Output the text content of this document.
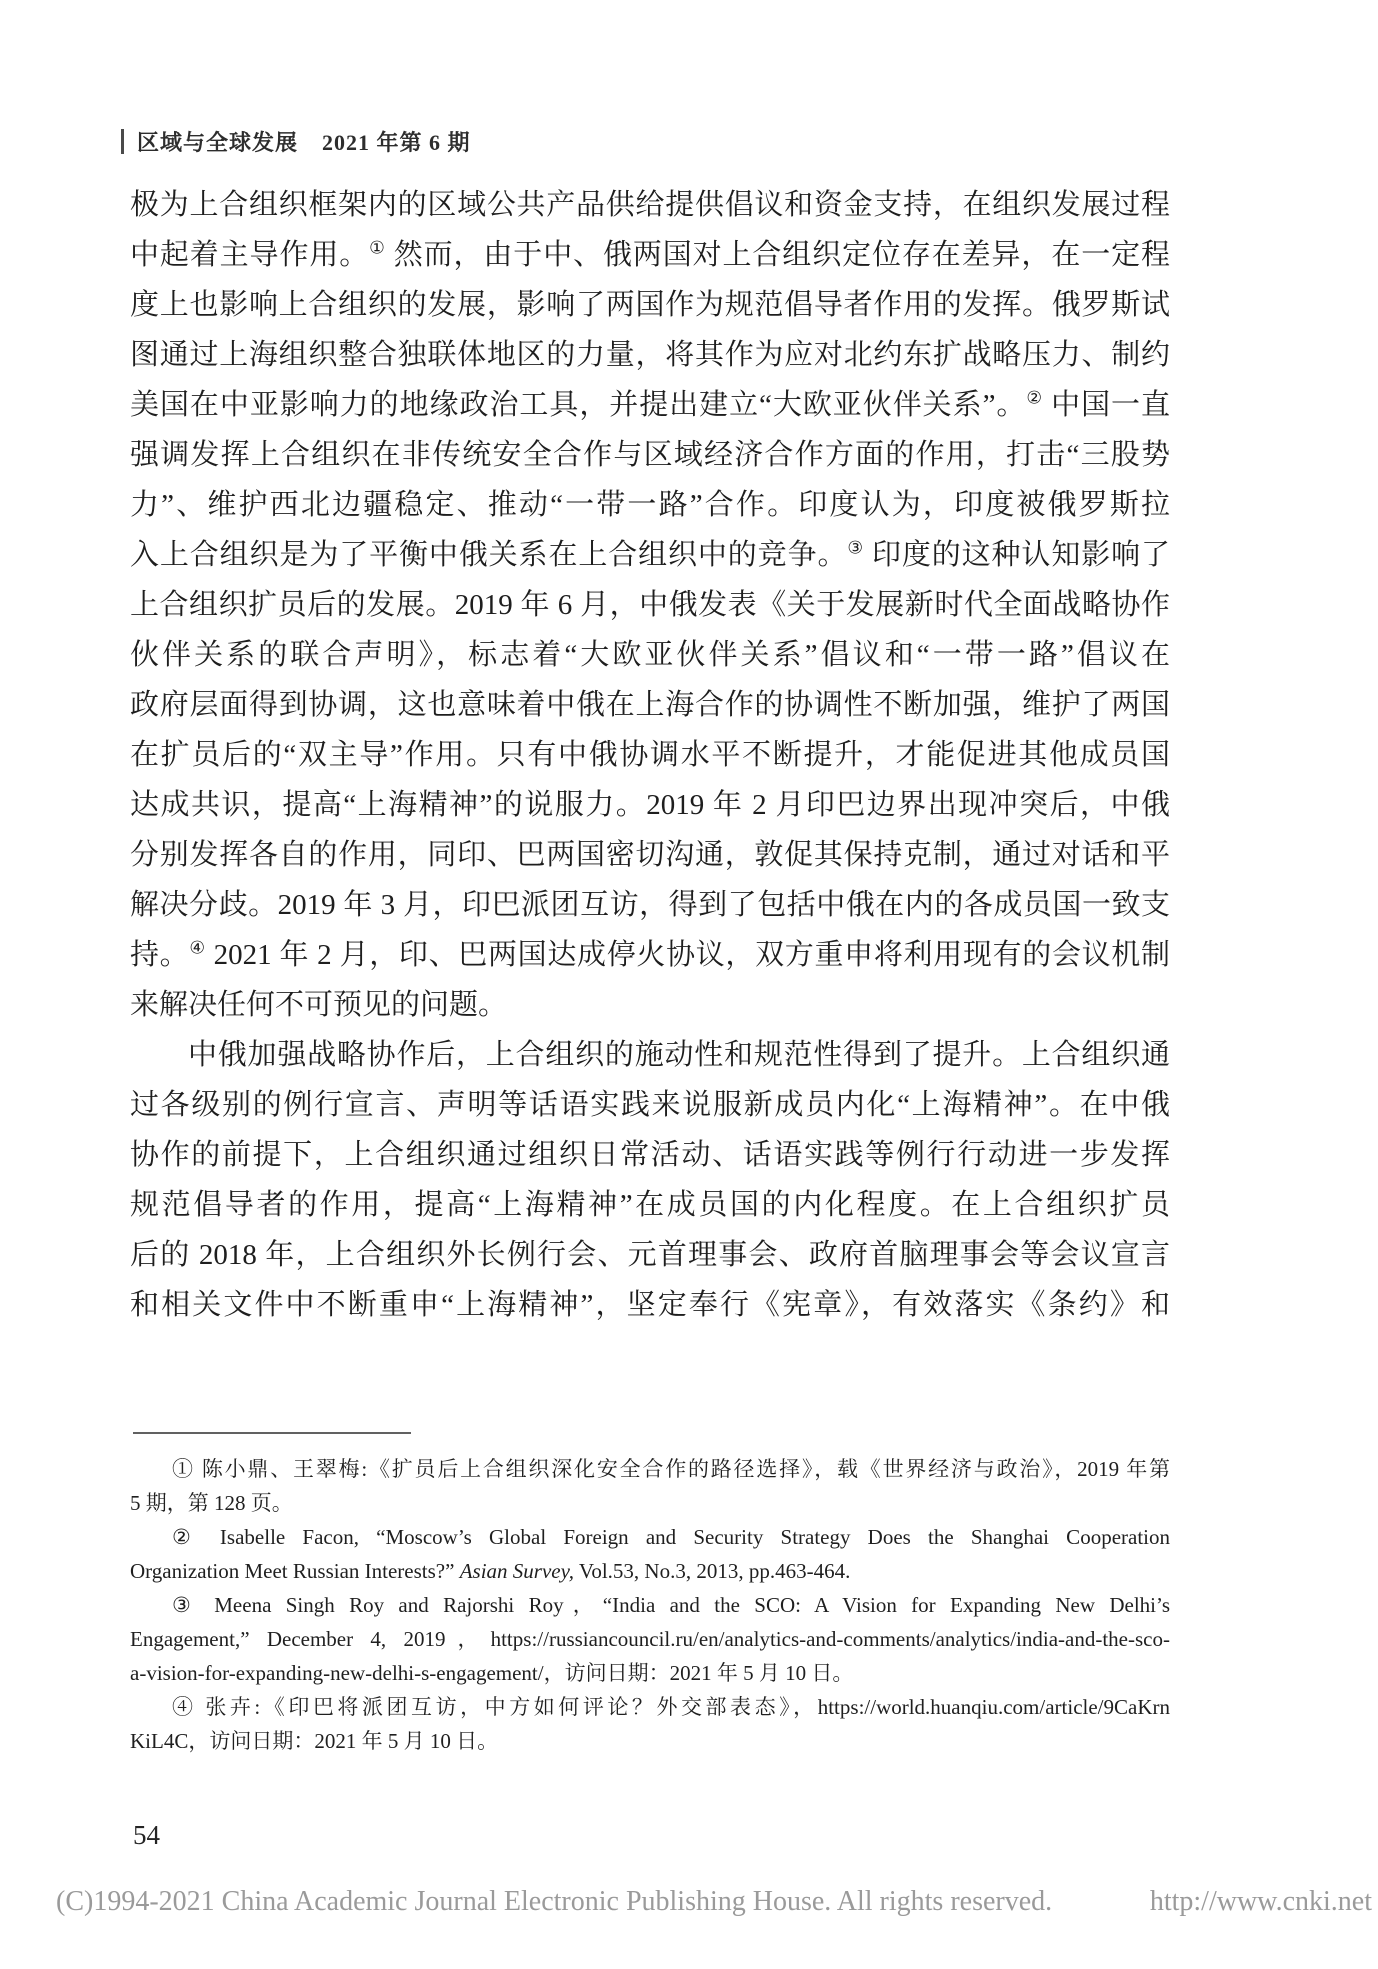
区域与全球发展 2021 年第 6 期
极为上合组织框架内的区域公共产品供给提供倡议和资金支持，在组织发展过程
中起着主导作用。① 然而，由于中、俄两国对上合组织定位存在差异，在一定程
度上也影响上合组织的发展，影响了两国作为规范倡导者作用的发挥。俄罗斯试
图通过上海组织整合独联体地区的力量，将其作为应对北约东扩战略压力、制约
美国在中亚影响力的地缘政治工具，并提出建立“大欧亚伙伴关系”。② 中国一直
强调发挥上合组织在非传统安全合作与区域经济合作方面的作用，打击“三股势
力”、维护西北边疆稳定、推动“一带一路”合作。印度认为，印度被俄罗斯拉
入上合组织是为了平衡中俄关系在上合组织中的竞争。③ 印度的这种认知影响了
上合组织扩员后的发展。2019 年 6 月，中俄发表《关于发展新时代全面战略协作
伙伴关系的联合声明》，标志着“大欧亚伙伴关系”倡议和“一带一路”倡议在
政府层面得到协调，这也意味着中俄在上海合作的协调性不断加强，维护了两国
在扩员后的“双主导”作用。只有中俄协调水平不断提升，才能促进其他成员国
达成共识，提高“上海精神”的说服力。2019 年 2 月印巴边界出现冲突后，中俄
分别发挥各自的作用，同印、巴两国密切沟通，敦促其保持克制，通过对话和平
解决分歧。2019 年 3 月，印巴派团互访，得到了包括中俄在内的各成员国一致支
持。④ 2021 年 2 月，印、巴两国达成停火协议，双方重申将利用现有的会议机制
来解决任何不可预见的问题。
中俄加强战略协作后，上合组织的施动性和规范性得到了提升。上合组织通
过各级别的例行宣言、声明等话语实践来说服新成员内化“上海精神”。在中俄
协作的前提下，上合组织通过组织日常活动、话语实践等例行行动进一步发挥
规范倡导者的作用，提高“上海精神”在成员国的内化程度。在上合组织扩员
后的 2018 年，上合组织外长例行会、元首理事会、政府首脑理事会等会议宣言
和相关文件中不断重申“上海精神”，坚定奉行《宪章》，有效落实《条约》和
① 陈小鼎、王翠梅:《扩员后上合组织深化安全合作的路径选择》，载《世界经济与政治》，2019 年第
5 期，第 128 页。
② Isabelle Facon, “Moscow’s Global Foreign and Security Strategy Does the Shanghai Cooperation
Organization Meet Russian Interests?” Asian Survey, Vol.53, No.3, 2013, pp.463-464.
③ Meena Singh Roy and Rajorshi Roy，“India and the SCO: A Vision for Expanding New Delhi’s
Engagement,” December 4, 2019，https://russiancouncil.ru/en/analytics-and-comments/analytics/india-and-the-sco-
a-vision-for-expanding-new-delhi-s-engagement/，访问日期：2021 年 5 月 10 日。
④ 张卉:《印巴将派团互访，中方如何评论？外交部表态》，https://world.huanqiu.com/article/9CaKrn
KiL4C，访问日期：2021 年 5 月 10 日。
54
(C)1994-2021 China Academic Journal Electronic Publishing House. All rights reserved.	http://www.cnki.net
